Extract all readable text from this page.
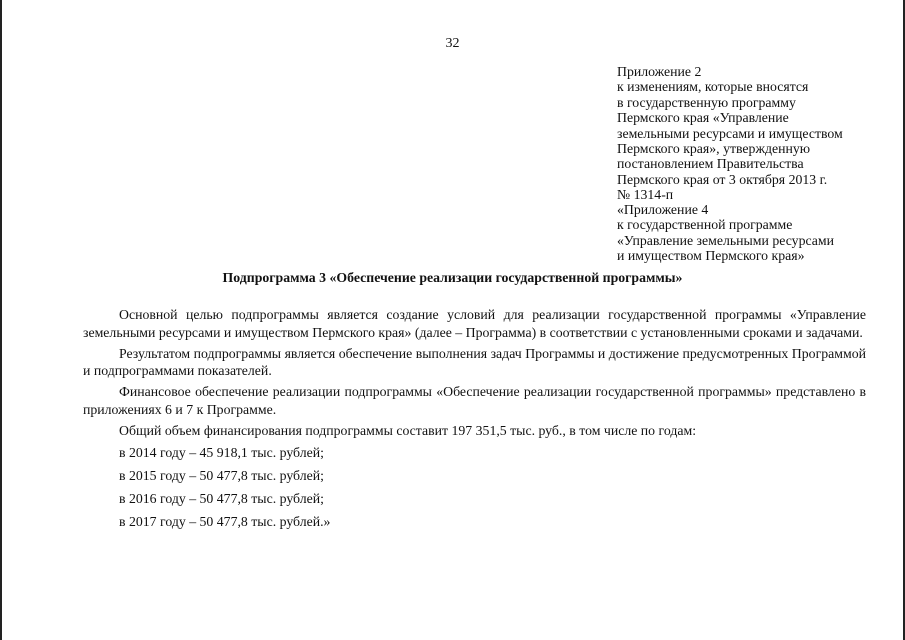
32
Приложение 2
к изменениям, которые вносятся
в государственную программу
Пермского края «Управление
земельными ресурсами и имуществом
Пермского края», утвержденную
постановлением Правительства
Пермского края от 3 октября 2013 г.
№ 1314-п
«Приложение 4
к государственной программе
«Управление земельными ресурсами
и имуществом Пермского края»
Подпрограмма 3 «Обеспечение реализации государственной программы»

Основной целью подпрограммы является создание условий для реализации государственной программы «Управление земельными ресурсами и имуществом Пермского края» (далее – Программа) в соответствии с установленными сроками и задачами.

Результатом подпрограммы является обеспечение выполнения задач Программы и достижение предусмотренных Программой и подпрограммами показателей.

Финансовое обеспечение реализации подпрограммы «Обеспечение реализации государственной программы» представлено в приложениях 6 и 7 к Программе.

Общий объем финансирования подпрограммы составит 197 351,5 тыс. руб., в том числе по годам:

в 2014 году – 45 918,1 тыс. рублей;
в 2015 году – 50 477,8 тыс. рублей;
в 2016 году – 50 477,8 тыс. рублей;
в 2017 году – 50 477,8 тыс. рублей.»
